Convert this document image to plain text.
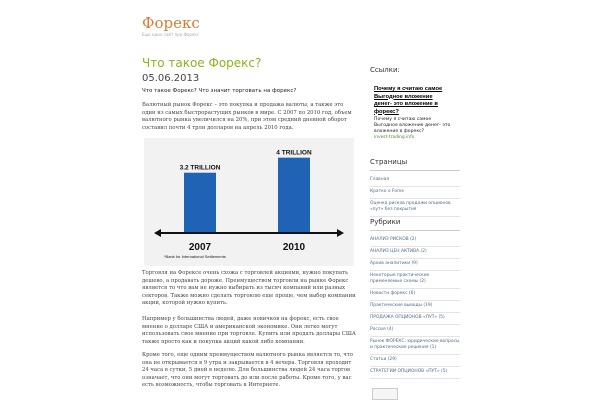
Форекс
Еще один сайт про Форекс
Что такое Форекс?
05.06.2013
Что такое Форекс? Что значит торговать на форекс?
Валютный рынок Форекс – это покупка и продажа валюты, а также это один из самых быстрорастущих рынков в мире. С 2007 по 2010 год, объем валютного рынка увеличился на 20%, при этом средний дневной оборот составил почти 4 трлн долларов на апрель 2010 года.
3.2 TRILLION
4 TRILLION
2007	2010
*Bank for International Settlements
Торговля на Форексе очень схожа с торговлей акциями, нужно покупать дешево, а продавать дороже. Преимуществом торговли на рынке Форекс является то что вам не нужно выбирать из тысяч компаний или разных секторов. Также можно сделать торговлю еще проще, чем выбор компании акции, которой нужно купить.
Например у большинства людей, даже новичков на форекс, есть свое мнение о долларе США и американской экономике. Они легко могут использовать свое мнение при торговле. Купить или продать доллары США также просто как и покупка акций какой либо компании.
Кроме того, еще одним преимуществом валютного рынка является то, что она не открывается в 9 утра и закрывается в 4 вечера. Торговля проходит 24 часа в сутки, 5 дней в неделю. Для большинства людей 24 часа торгов означает, что они могут торговать до или после работы. Кроме того, у вас есть возможность, чтобы торговать в Интернете.
Ссылки:
Почему я считаю самое Выгодное вложение денег- это вложение в форекс?
Почему я считаю самое Выгодное вложение денег- это вложение в форекс?
invest-trading.info
Страницы
Главная
Кратко о Forex
Оценка рисков продажи опционов «пут» без покрытия
Рубрики
АНАЛИЗ РИСКОВ (2)
АНАЛИЗ ЦЕН АКТИВА (2)
Архив аналитики (9)
Некоторые практические применяемые схемы (2)
Новости форекс (6)
Практические выводы (19)
ПРОДАЖА ОПЦИОНОВ «ПУТ» (5)
Россия (4)
Рынок ФОРЕКС: юридические вопросы и практические решения (1)
Статьи (29)
СТРАТЕГИИ ОПЦИОНОВ «ПУТ» (5)
